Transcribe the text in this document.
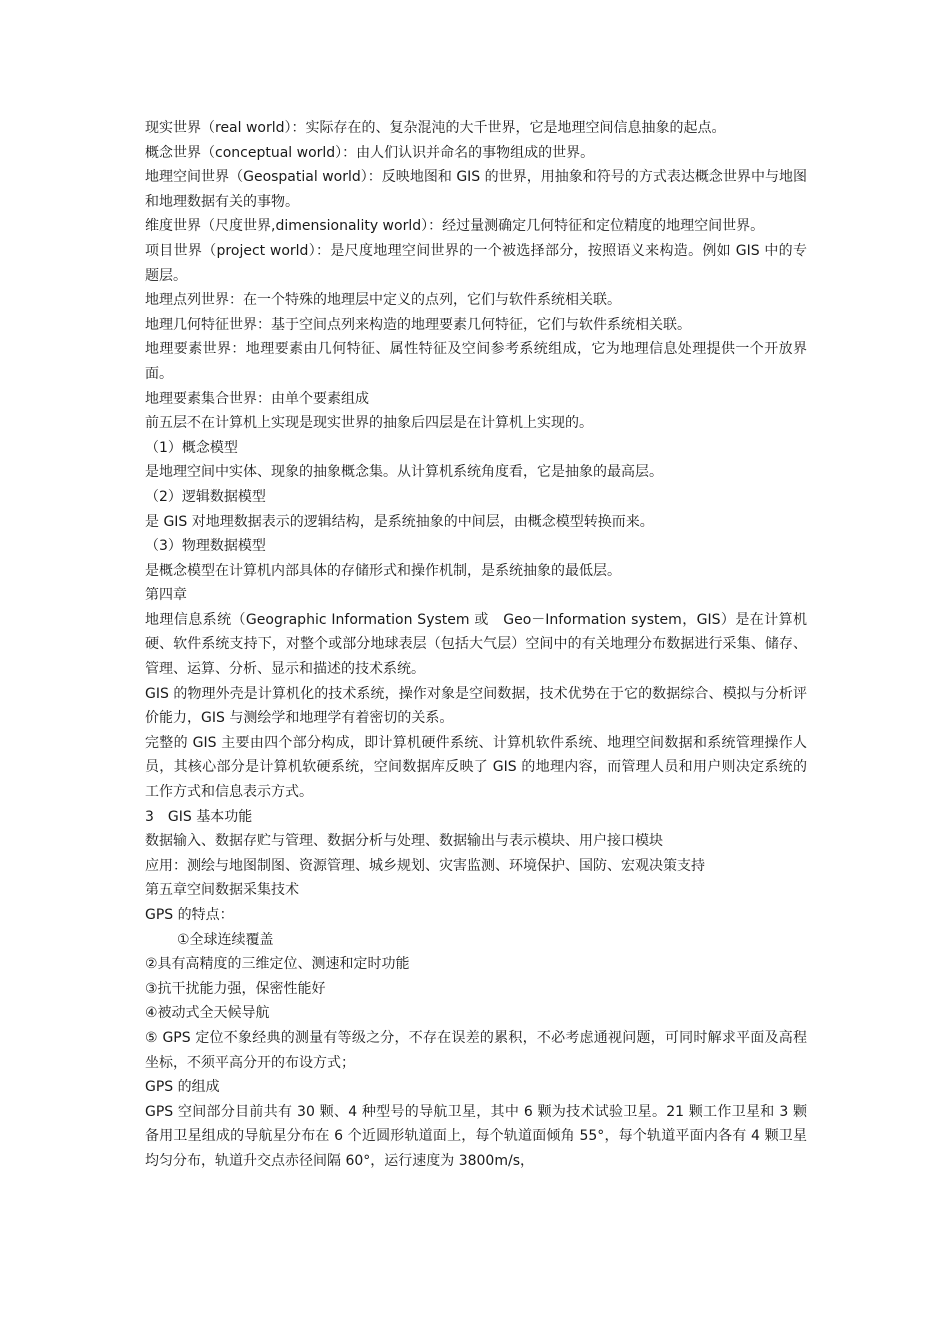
现实世界（real world）：实际存在的、复杂混沌的大千世界，它是地理空间信息抽象的起点。

概念世界（conceptual world）：由人们认识并命名的事物组成的世界。

地理空间世界（Geospatial world）：反映地图和 GIS 的世界，用抽象和符号的方式表达概念世界中与地图和地理数据有关的事物。

维度世界（尺度世界,dimensionality world）：经过量测确定几何特征和定位精度的地理空间世界。

项目世界（project world）：是尺度地理空间世界的一个被选择部分，按照语义来构造。例如 GIS 中的专题层。

地理点列世界：在一个特殊的地理层中定义的点列，它们与软件系统相关联。

地理几何特征世界：基于空间点列来构造的地理要素几何特征，它们与软件系统相关联。

地理要素世界：地理要素由几何特征、属性特征及空间参考系统组成，它为地理信息处理提供一个开放界面。

地理要素集合世界：由单个要素组成

前五层不在计算机上实现是现实世界的抽象后四层是在计算机上实现的。

（1）概念模型

是地理空间中实体、现象的抽象概念集。从计算机系统角度看，它是抽象的最高层。

（2）逻辑数据模型

是 GIS 对地理数据表示的逻辑结构，是系统抽象的中间层，由概念模型转换而来。

（3）物理数据模型

是概念模型在计算机内部具体的存储形式和操作机制，是系统抽象的最低层。

第四章

地理信息系统（Geographic Information System 或　Geo－Information system，GIS）是在计算机硬、软件系统支持下，对整个或部分地球表层（包括大气层）空间中的有关地理分布数据进行采集、储存、管理、运算、分析、显示和描述的技术系统。

GIS 的物理外壳是计算机化的技术系统，操作对象是空间数据，技术优势在于它的数据综合、模拟与分析评价能力，GIS 与测绘学和地理学有着密切的关系。

完整的 GIS 主要由四个部分构成，即计算机硬件系统、计算机软件系统、地理空间数据和系统管理操作人员，其核心部分是计算机软硬系统，空间数据库反映了 GIS 的地理内容，而管理人员和用户则决定系统的工作方式和信息表示方式。

3　GIS 基本功能

数据输入、数据存贮与管理、数据分析与处理、数据输出与表示模块、用户接口模块

应用：测绘与地图制图、资源管理、城乡规划、灾害监测、环境保护、国防、宏观决策支持

第五章空间数据采集技术

GPS 的特点：

①全球连续覆盖

②具有高精度的三维定位、测速和定时功能

③抗干扰能力强，保密性能好

④被动式全天候导航

⑤ GPS 定位不象经典的测量有等级之分，不存在误差的累积，不必考虑通视问题，可同时解求平面及高程坐标，不须平高分开的布设方式；

GPS 的组成

GPS 空间部分目前共有 30 颗、4 种型号的导航卫星，其中 6 颗为技术试验卫星。21 颗工作卫星和 3 颗备用卫星组成的导航星分布在 6 个近圆形轨道面上，每个轨道面倾角 55°，每个轨道平面内各有 4 颗卫星均匀分布，轨道升交点赤径间隔 60°，运行速度为 3800m/s，
